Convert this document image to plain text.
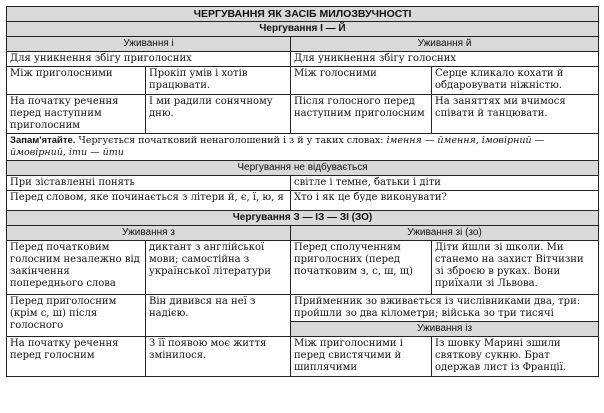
ЧЕРГУВАННЯ ЯК ЗАСІБ МИЛОЗВУЧНОСТІ			
Чергування І — Й			
Уживання і		Уживання й	
Для уникнення збігу приголосних		Для уникнення збігу голосних	
Між приголосними	Прокіп умів і хотів працювати.	Між голосними	Серце кликало кохати й обдаровувати ніжністю.
На початку речення перед наступним приголосним	І ми радили сонячному дню.	Після голосного перед наступним приголосним	На заняттях ми вчимося співати й танцювати.
Запам'ятайте. Чергується початковий ненаголошений і з й у таких словах: імення — ймення, імовірний — ймовірний, іти — йти			
Чергування не відбувається			
При зіставленні понять		світле і темне, батьки і діти	
Перед словом, яке починається з літери й, є, ї, ю, я		Хто і як це буде виконувати?	
Чергування З — ІЗ — ЗІ (ЗО)			
Уживання з		Уживання зі (зо)	
Перед початковим голосним незалежно від закінчення попереднього слова	диктант з англійської мови; самостійна з української літератури	Перед сполученням приголосних (перед початковим з, с, ш, щ)	Діти йшли зі школи. Ми станемо на захист Вітчизни зі зброєю в руках. Вони приїхали зі Львова.
Перед приголосним (крім с, ш) після голосного	Він дивився на неї з надією.	Прийменник зо вживається із числівниками два, три: пройшли зо два кілометри; війська зо три тисячі	
		Уживання із	
На початку речення перед голосним	З її появою моє життя змінилося.	Між приголосними і перед свистячими й шиплячими	Із шовку Марині зшили святкову сукню. Брат одержав лист із Франції.
